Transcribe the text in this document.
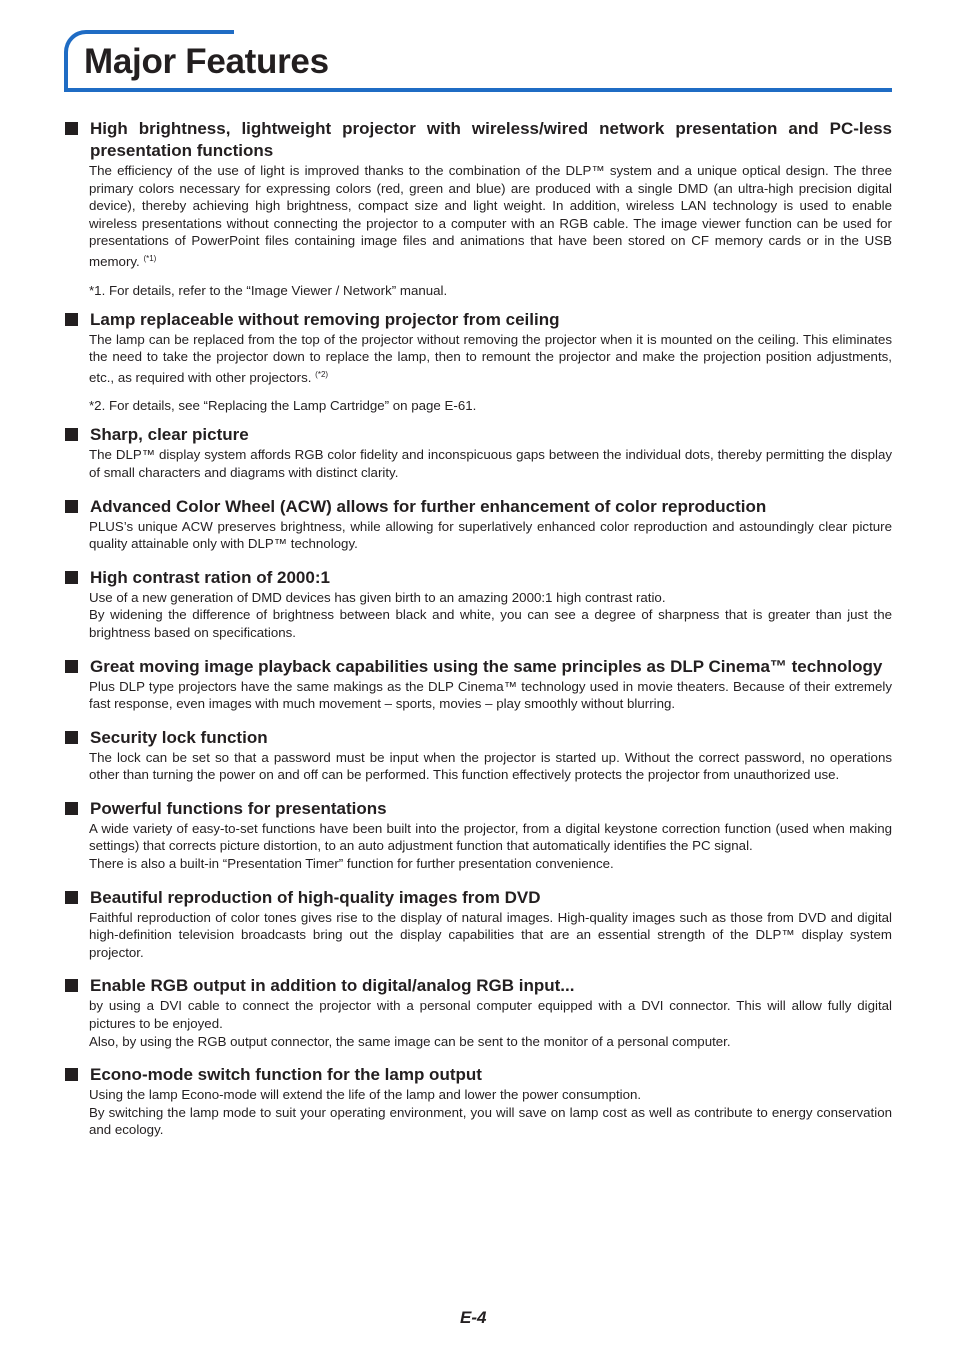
Major Features
High brightness, lightweight projector with wireless/wired network presentation and PC-less presentation functions

The efficiency of the use of light is improved thanks to the combination of the DLP™ system and a unique optical design. The three primary colors necessary for expressing colors (red, green and blue) are produced with a single DMD (an ultra-high precision digital device), thereby achieving high brightness, compact size and light weight. In addition, wireless LAN technology is used to enable wireless presentations without connecting the projector to a computer with an RGB cable. The image viewer function can be used for presentations of PowerPoint files containing image files and animations that have been stored on CF memory cards or in the USB memory. $^{(*1)}$

*1. For details, refer to the “Image Viewer / Network” manual.
Lamp replaceable without removing projector from ceiling

The lamp can be replaced from the top of the projector without removing the projector when it is mounted on the ceiling. This eliminates the need to take the projector down to replace the lamp, then to remount the projector and make the projection position adjustments, etc., as required with other projectors. $^{(*2)}$

*2. For details, see “Replacing the Lamp Cartridge” on page E-61.
Sharp, clear picture

The DLP™ display system affords RGB color fidelity and inconspicuous gaps between the individual dots, thereby permitting the display of small characters and diagrams with distinct clarity.

Advanced Color Wheel (ACW) allows for further enhancement of color reproduction

PLUS’s unique ACW preserves brightness, while allowing for superlatively enhanced color reproduction and astoundingly clear picture quality attainable only with DLP™ technology.

High contrast ration of 2000:1

Use of a new generation of DMD devices has given birth to an amazing 2000:1 high contrast ratio.

By widening the difference of brightness between black and white, you can see a degree of sharpness that is greater than just the brightness based on specifications.

Great moving image playback capabilities using the same principles as DLP Cinema™ technology

Plus DLP type projectors have the same makings as the DLP Cinema™ technology used in movie theaters. Because of their extremely fast response, even images with much movement – sports, movies – play smoothly without blurring.

Security lock function

The lock can be set so that a password must be input when the projector is started up. Without the correct password, no operations other than turning the power on and off can be performed. This function effectively protects the projector from unauthorized use.

Powerful functions for presentations

A wide variety of easy-to-set functions have been built into the projector, from a digital keystone correction function (used when making settings) that corrects picture distortion, to an auto adjustment function that automatically identifies the PC signal.

There is also a built-in “Presentation Timer” function for further presentation convenience.

Beautiful reproduction of high-quality images from DVD

Faithful reproduction of color tones gives rise to the display of natural images. High-quality images such as those from DVD and digital high-definition television broadcasts bring out the display capabilities that are an essential strength of the DLP™ display system projector.

Enable RGB output in addition to digital/analog RGB input...

by using a DVI cable to connect the projector with a personal computer equipped with a DVI connector. This will allow fully digital pictures to be enjoyed.

Also, by using the RGB output connector, the same image can be sent to the monitor of a personal computer.

Econo-mode switch function for the lamp output

Using the lamp Econo-mode will extend the life of the lamp and lower the power consumption.

By switching the lamp mode to suit your operating environment, you will save on lamp cost as well as contribute to energy conservation and ecology.

E-4
